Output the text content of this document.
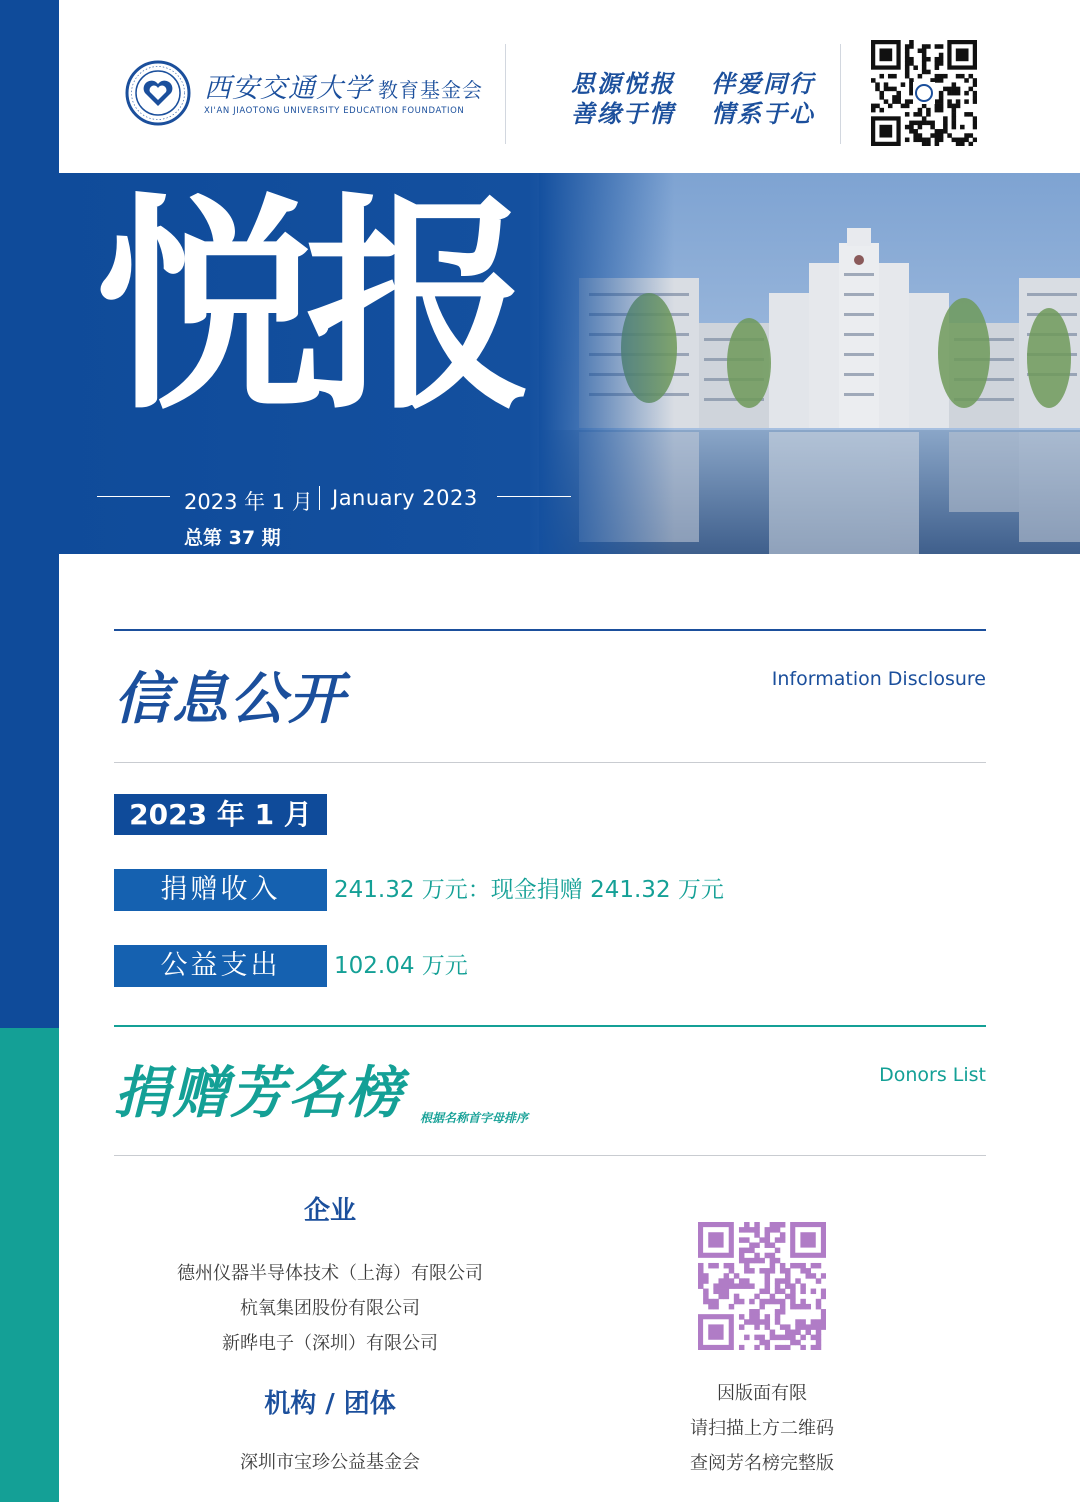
西安交通大学 教育基金会
XI'AN JIAOTONG UNIVERSITY EDUCATION FOUNDATION
思源悦报 伴爱同行
善缘于情 情系于心
悦报
2023 年 1 月 January 2023
总第 37 期
信息公开	Information Disclosure
2023 年 1 月
捐赠收入	241.32 万元：现金捐赠 241.32 万元
公益支出	102.04 万元
捐赠芳名榜 根据名称首字母排序
Donors List
企业
德州仪器半导体技术（上海）有限公司
杭氧集团股份有限公司
新晔电子（深圳）有限公司
机构 / 团体
深圳市宝珍公益基金会
因版面有限
请扫描上方二维码
查阅芳名榜完整版
